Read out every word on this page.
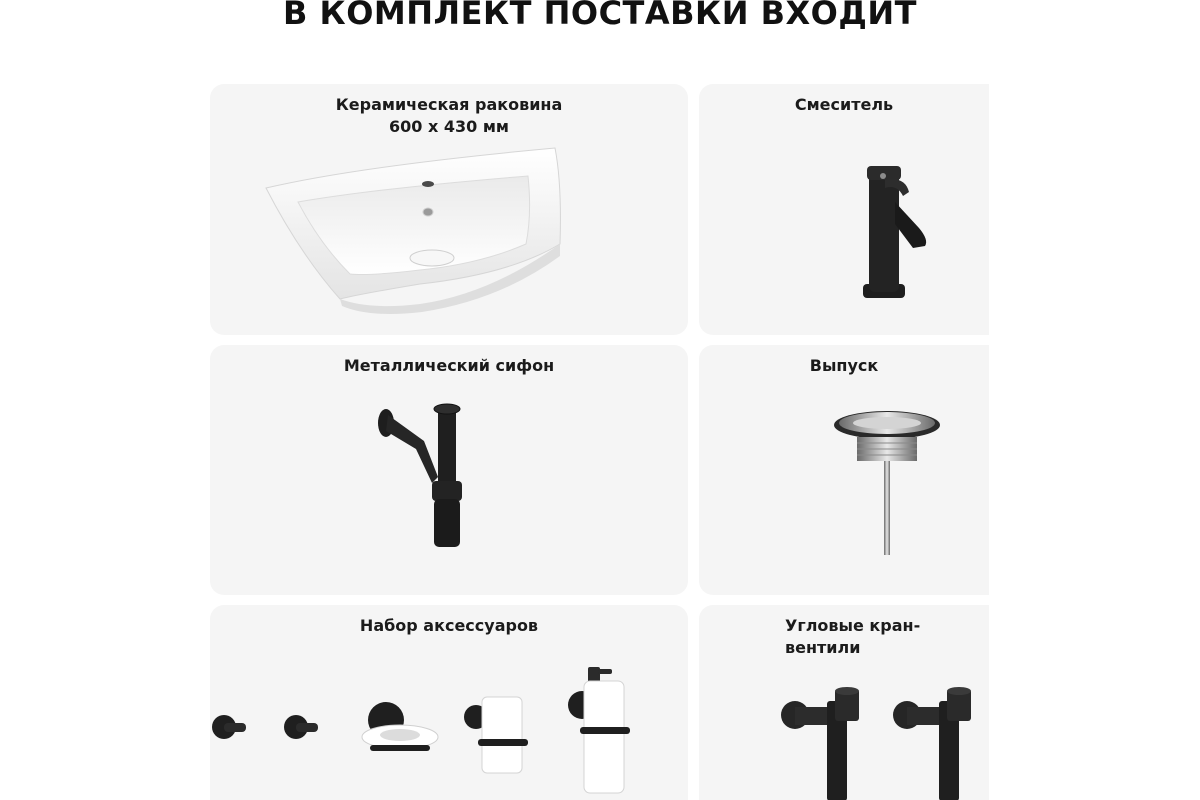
В КОМПЛЕКТ ПОСТАВКИ ВХОДИТ
Керамическая раковина
600 х 430 мм
Смеситель
Металлический сифон	Выпуск
Набор аксессуаров	Угловые кран-вентили
